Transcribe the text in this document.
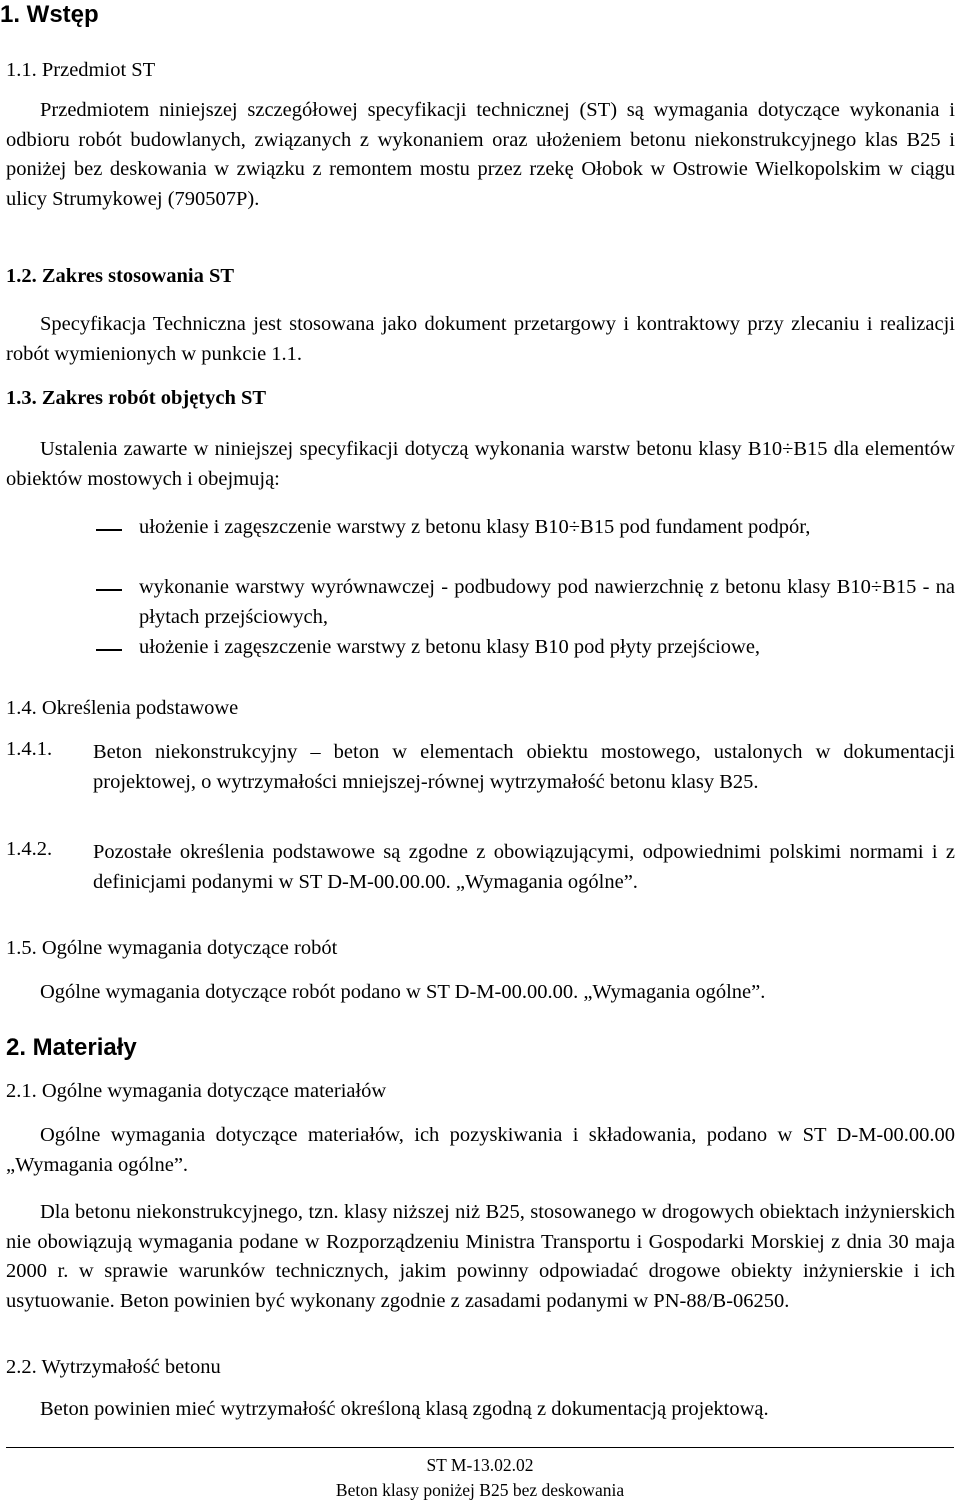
1. Wstęp
1.1. Przedmiot ST
Przedmiotem niniejszej szczegółowej specyfikacji technicznej (ST) są wymagania dotyczące wykonania i odbioru robót budowlanych, związanych z wykonaniem oraz ułożeniem betonu niekonstrukcyjnego klas B25 i poniżej bez deskowania w związku z remontem mostu przez rzekę Ołobok w Ostrowie Wielkopolskim w ciągu ulicy Strumykowej (790507P).
1.2. Zakres stosowania ST
Specyfikacja Techniczna jest stosowana jako dokument przetargowy i kontraktowy przy zlecaniu i realizacji robót wymienionych w punkcie 1.1.
1.3. Zakres robót objętych ST
Ustalenia zawarte w niniejszej specyfikacji dotyczą wykonania warstw betonu klasy B10÷B15 dla elementów obiektów mostowych i obejmują:
ułożenie i zagęszczenie warstwy z betonu klasy B10÷B15 pod fundament podpór,
wykonanie warstwy wyrównawczej - podbudowy pod nawierzchnię z betonu klasy B10÷B15 - na płytach przejściowych,
ułożenie i zagęszczenie warstwy z betonu klasy B10 pod płyty przejściowe,
1.4. Określenia podstawowe
1.4.1. Beton niekonstrukcyjny – beton w elementach obiektu mostowego, ustalonych w dokumentacji projektowej, o wytrzymałości mniejszej-równej wytrzymałość betonu klasy B25.
1.4.2. Pozostałe określenia podstawowe są zgodne z obowiązującymi, odpowiednimi polskimi normami i z definicjami podanymi w ST D-M-00.00.00. „Wymagania ogólne”.
1.5. Ogólne wymagania dotyczące robót
Ogólne wymagania dotyczące robót podano w ST D-M-00.00.00. „Wymagania ogólne”.
2. Materiały
2.1. Ogólne wymagania dotyczące materiałów
Ogólne wymagania dotyczące materiałów, ich pozyskiwania i składowania, podano w ST D-M-00.00.00 „Wymagania ogólne”.
Dla betonu niekonstrukcyjnego, tzn. klasy niższej niż B25, stosowanego w drogowych obiektach inżynierskich nie obowiązują wymagania podane w Rozporządzeniu Ministra Transportu i Gospodarki Morskiej z dnia 30 maja 2000 r. w sprawie warunków technicznych, jakim powinny odpowiadać drogowe obiekty inżynierskie i ich usytuowanie. Beton powinien być wykonany zgodnie z zasadami podanymi w PN-88/B-06250.
2.2. Wytrzymałość betonu
Beton powinien mieć wytrzymałość określoną klasą zgodną z dokumentacją projektową.
ST M-13.02.02
Beton klasy poniżej B25 bez deskowania
